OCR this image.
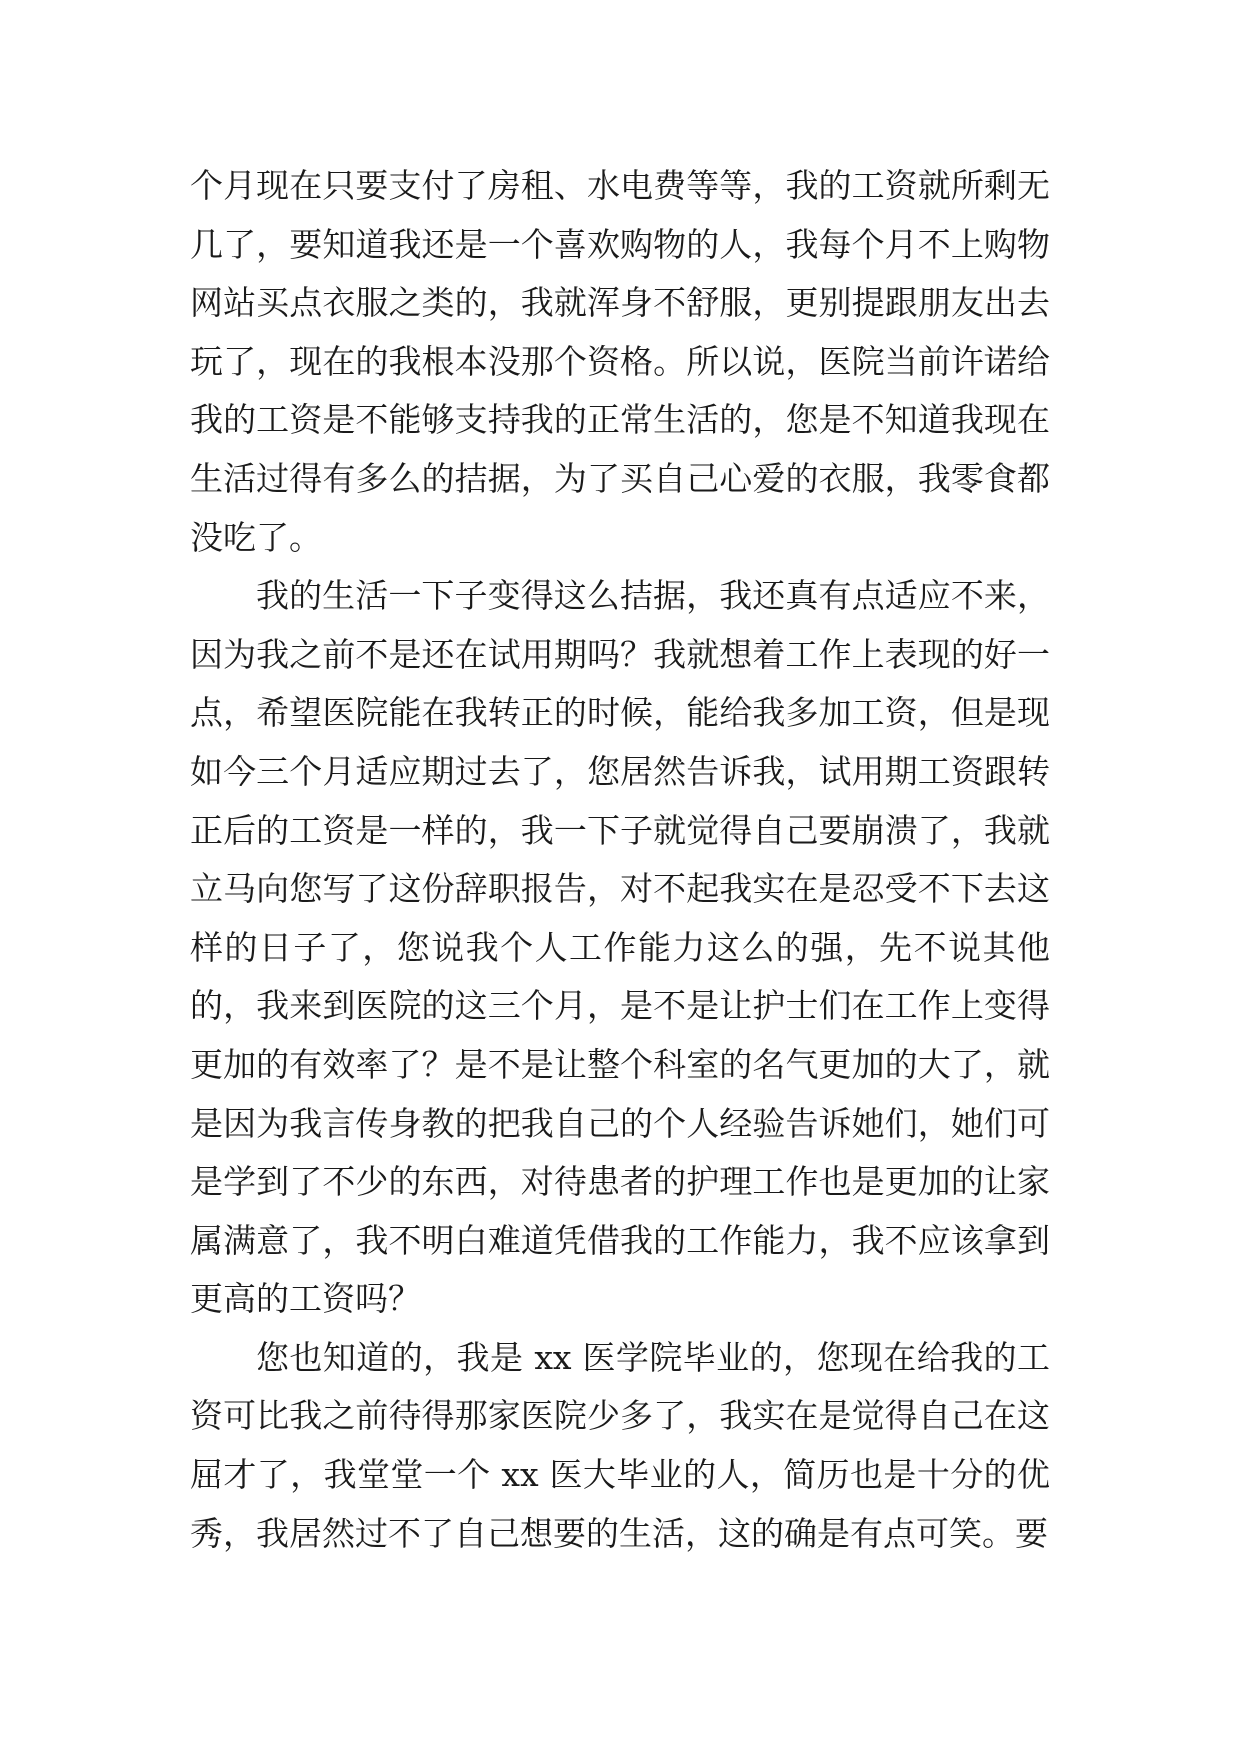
个月现在只要支付了房租、水电费等等，我的工资就所剩无几了，要知道我还是一个喜欢购物的人，我每个月不上购物网站买点衣服之类的，我就浑身不舒服，更别提跟朋友出去玩了，现在的我根本没那个资格。所以说，医院当前许诺给我的工资是不能够支持我的正常生活的，您是不知道我现在生活过得有多么的拮据，为了买自己心爱的衣服，我零食都没吃了。

我的生活一下子变得这么拮据，我还真有点适应不来，因为我之前不是还在试用期吗？我就想着工作上表现的好一点，希望医院能在我转正的时候，能给我多加工资，但是现如今三个月适应期过去了，您居然告诉我，试用期工资跟转正后的工资是一样的，我一下子就觉得自己要崩溃了，我就立马向您写了这份辞职报告，对不起我实在是忍受不下去这样的日子了，您说我个人工作能力这么的强，先不说其他的，我来到医院的这三个月，是不是让护士们在工作上变得更加的有效率了？是不是让整个科室的名气更加的大了，就是因为我言传身教的把我自己的个人经验告诉她们，她们可是学到了不少的东西，对待患者的护理工作也是更加的让家属满意了，我不明白难道凭借我的工作能力，我不应该拿到更高的工资吗？

您也知道的，我是 xx 医学院毕业的，您现在给我的工资可比我之前待得那家医院少多了，我实在是觉得自己在这屈才了，我堂堂一个 xx 医大毕业的人，简历也是十分的优秀，我居然过不了自己想要的生活，这的确是有点可笑。要
